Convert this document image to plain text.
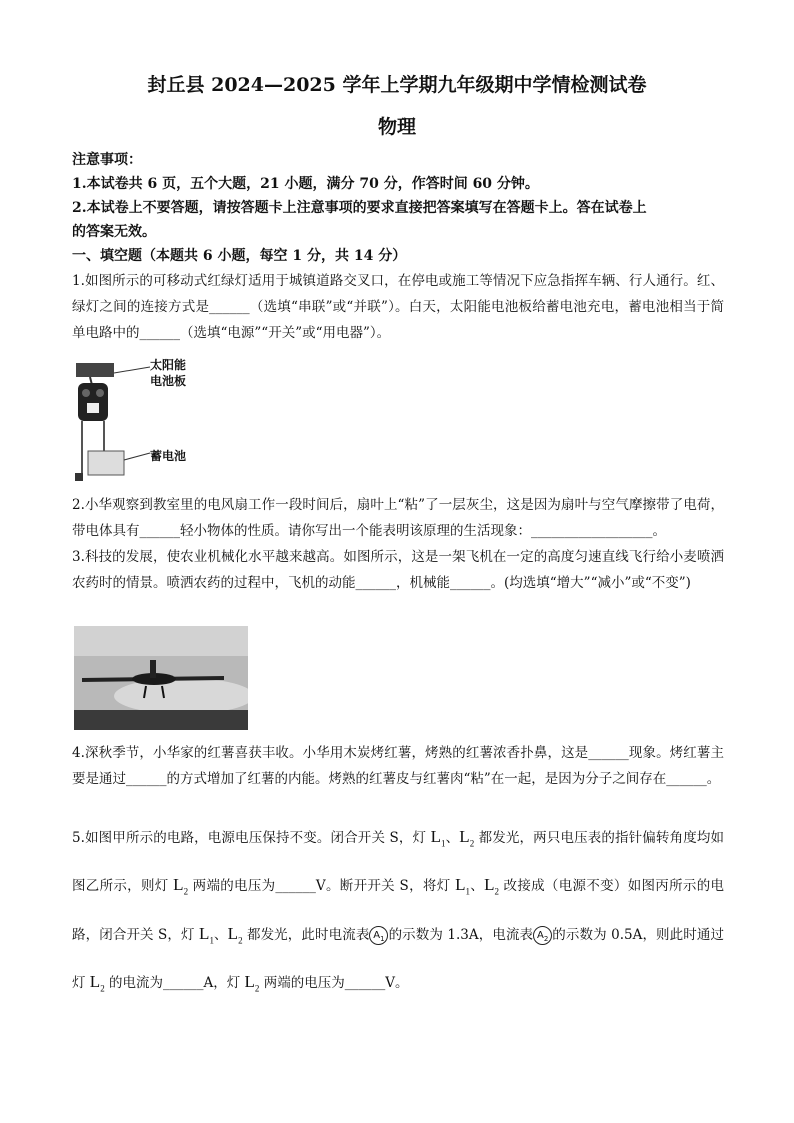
封丘县 2024—2025 学年上学期九年级期中学情检测试卷
物理
注意事项：
1.本试卷共 6 页，五个大题，21 小题，满分 70 分，作答时间 60 分钟。
2.本试卷上不要答题，请按答题卡上注意事项的要求直接把答案填写在答题卡上。答在试卷上
的答案无效。
一、填空题（本题共 6 小题，每空 1 分，共 14 分）
1.如图所示的可移动式红绿灯适用于城镇道路交叉口，在停电或施工等情况下应急指挥车辆、行人通行。红、绿灯之间的连接方式是______（选填“串联”或“并联”）。白天，太阳能电池板给蓄电池充电，蓄电池相当于简单电路中的______（选填“电源”“开关”或“用电器”）。
太阳能
电池板
蓄电池
2.小华观察到教室里的电风扇工作一段时间后，扇叶上“粘”了一层灰尘，这是因为扇叶与空气摩擦带了电荷，带电体具有______轻小物体的性质。请你写出一个能表明该原理的生活现象：__________________。
3.科技的发展，使农业机械化水平越来越高。如图所示，这是一架飞机在一定的高度匀速直线飞行给小麦喷洒农药时的情景。喷洒农药的过程中，飞机的动能______，机械能______。(均选填“增大”“减小”或“不变”)
4.深秋季节，小华家的红薯喜获丰收。小华用木炭烤红薯，烤熟的红薯浓香扑鼻，这是______现象。烤红薯主要是通过______的方式增加了红薯的内能。烤熟的红薯皮与红薯肉“粘”在一起，是因为分子之间存在______。
5.如图甲所示的电路，电源电压保持不变。闭合开关 S，灯 $L_1$、$L_2$ 都发光，两只电压表的指针偏转角度均如图乙所示，则灯 $L_2$ 两端的电压为______V。断开开关 S，将灯 $L_1$、$L_2$ 改接成（电源不变）如图丙所示的电路，闭合开关 S，灯 $L_1$、$L_2$ 都发光，此时电流表 $A_1$ 的示数为 1.3A，电流表 $A_2$ 的示数为 0.5A，则此时通过灯 $L_2$ 的电流为______A，灯 $L_2$ 两端的电压为______V。
